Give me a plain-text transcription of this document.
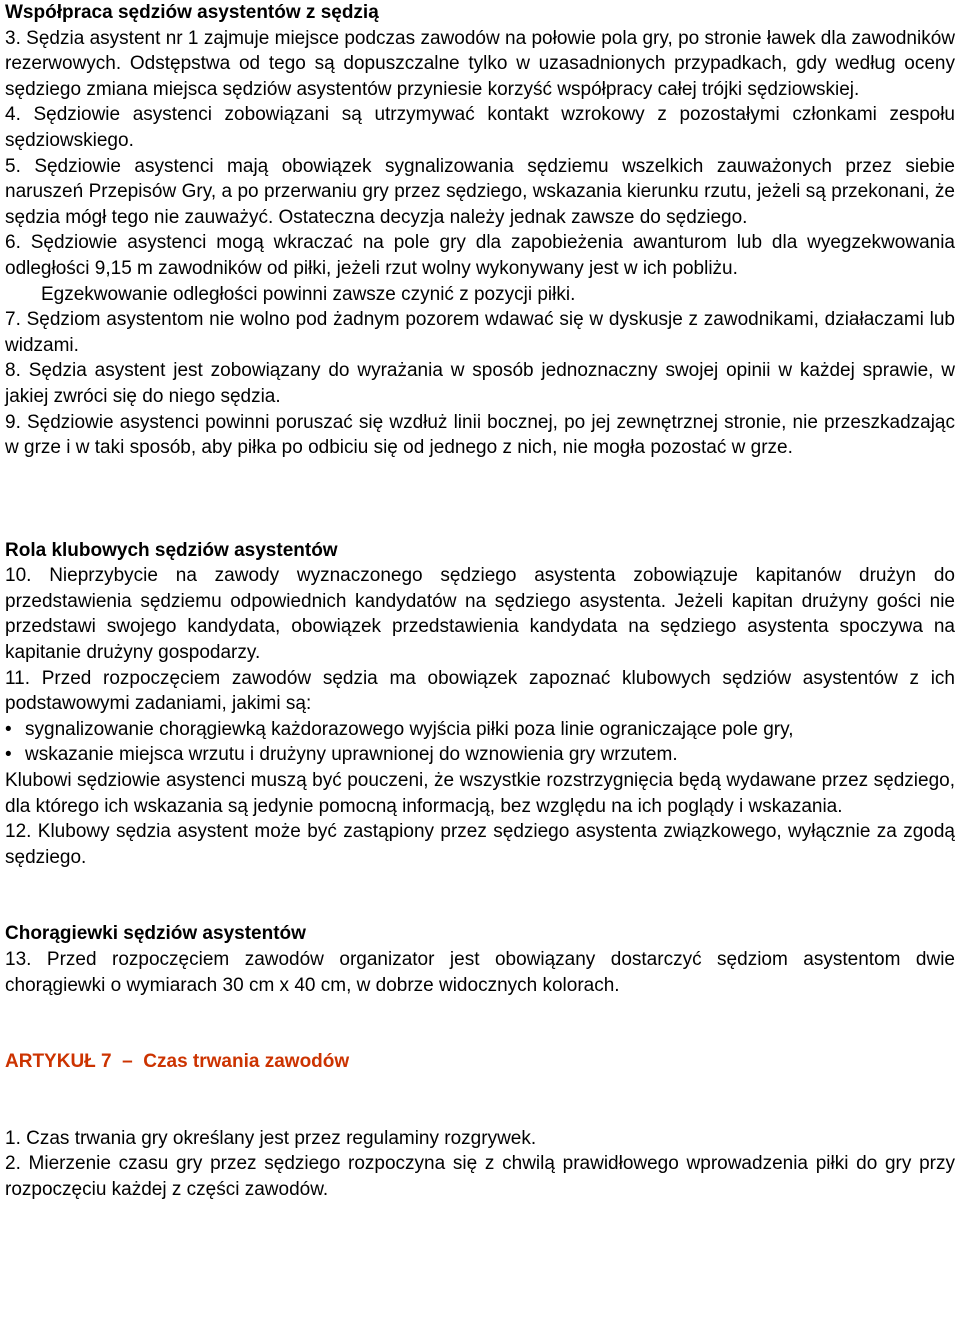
Współpraca sędziów asystentów z sędzią

3. Sędzia asystent nr 1 zajmuje miejsce podczas zawodów na połowie pola gry, po stronie ławek dla zawodników rezerwowych. Odstępstwa od tego są dopuszczalne tylko w uzasadnionych przypadkach, gdy według oceny sędziego zmiana miejsca sędziów asystentów przyniesie korzyść współpracy całej trójki sędziowskiej.

4. Sędziowie asystenci zobowiązani są utrzymywać kontakt wzrokowy z pozostałymi członkami zespołu sędziowskiego.

5. Sędziowie asystenci mają obowiązek sygnalizowania sędziemu wszelkich zauważonych przez siebie naruszeń Przepisów Gry, a po przerwaniu gry przez sędziego, wskazania kierunku rzutu, jeżeli są przekonani, że sędzia mógł tego nie zauważyć. Ostateczna decyzja należy jednak zawsze do sędziego.

6. Sędziowie asystenci mogą wkraczać na pole gry dla zapobieżenia awanturom lub dla wyegzekwowania odległości 9,15 m zawodników od piłki, jeżeli rzut wolny wykonywany jest w ich pobliżu.

Egzekwowanie odległości powinni zawsze czynić z pozycji piłki.

7. Sędziom asystentom nie wolno pod żadnym pozorem wdawać się w dyskusje z zawodnikami, działaczami lub widzami.

8. Sędzia asystent jest zobowiązany do wyrażania w sposób jednoznaczny swojej opinii w każdej sprawie, w jakiej zwróci się do niego sędzia.

9. Sędziowie asystenci powinni poruszać się wzdłuż linii bocznej, po jej zewnętrznej stronie, nie przeszkadzając w grze i w taki sposób, aby piłka po odbiciu się od jednego z nich, nie mogła pozostać w grze.

Rola klubowych sędziów asystentów

10. Nieprzybycie na zawody wyznaczonego sędziego asystenta zobowiązuje kapitanów drużyn do przedstawienia sędziemu odpowiednich kandydatów na sędziego asystenta. Jeżeli kapitan drużyny gości nie przedstawi swojego kandydata, obowiązek przedstawienia kandydata na sędziego asystenta spoczywa na kapitanie drużyny gospodarzy.

11. Przed rozpoczęciem zawodów sędzia ma obowiązek zapoznać klubowych sędziów asystentów z ich podstawowymi zadaniami, jakimi są:

• sygnalizowanie chorągiewką każdorazowego wyjścia piłki poza linie ograniczające pole gry,
• wskazanie miejsca wrzutu i drużyny uprawnionej do wznowienia gry wrzutem.

Klubowi sędziowie asystenci muszą być pouczeni, że wszystkie rozstrzygnięcia będą wydawane przez sędziego, dla którego ich wskazania są jedynie pomocną informacją, bez względu na ich poglądy i wskazania.

12. Klubowy sędzia asystent może być zastąpiony przez sędziego asystenta związkowego, wyłącznie za zgodą sędziego.

Chorągiewki sędziów asystentów

13. Przed rozpoczęciem zawodów organizator jest obowiązany dostarczyć sędziom asystentom dwie chorągiewki o wymiarach 30 cm x 40 cm, w dobrze widocznych kolorach.

ARTYKUŁ 7  –  Czas trwania zawodów

1. Czas trwania gry określany jest przez regulaminy rozgrywek.

2. Mierzenie czasu gry przez sędziego rozpoczyna się z chwilą prawidłowego wprowadzenia piłki do gry przy rozpoczęciu każdej z części zawodów.
